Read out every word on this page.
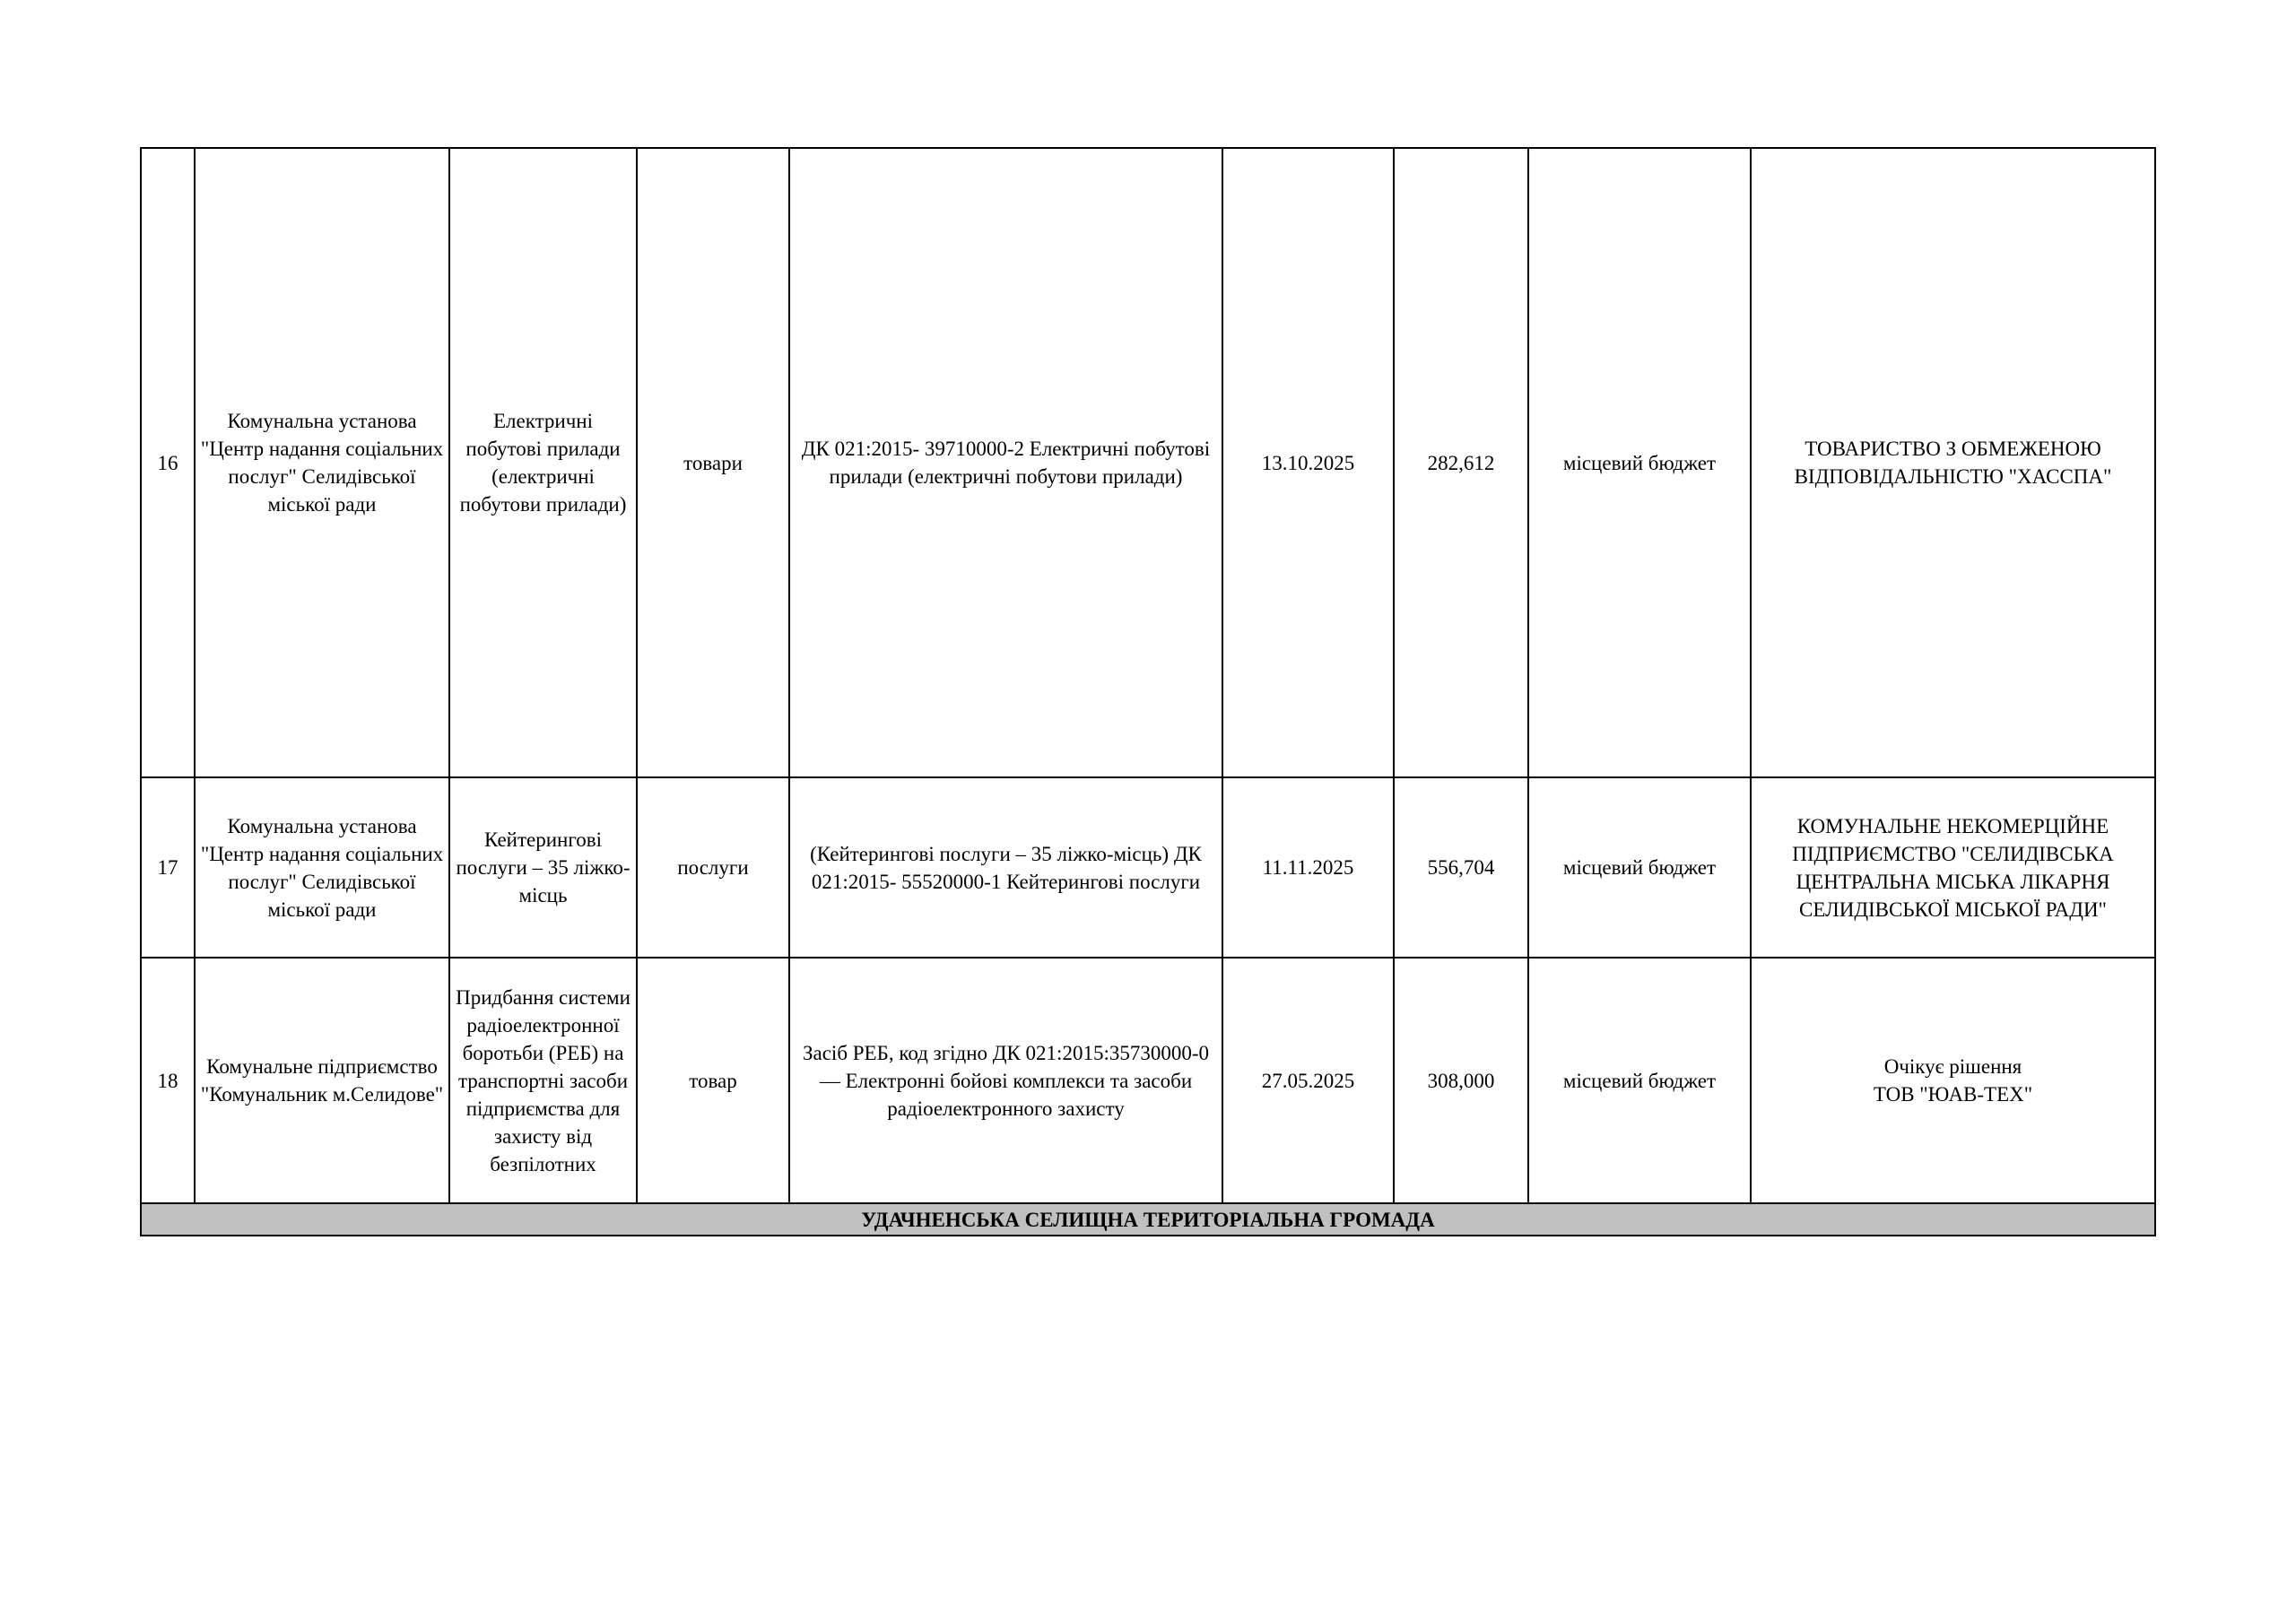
16	Комунальна установа "Центр надання соціальних послуг" Селидівської міської ради	Електричні побутові прилади (електричні побутови прилади)	товари	ДК 021:2015- 39710000-2 Електричні побутові прилади (електричні побутови прилади)	13.10.2025	282,612	місцевий бюджет	ТОВАРИСТВО З ОБМЕЖЕНОЮ ВІДПОВІДАЛЬНІСТЮ "ХАССПА"

17	Комунальна установа "Центр надання соціальних послуг" Селидівської міської ради	Кейтерингові послуги – 35 ліжко-місць	послуги	(Кейтерингові послуги – 35 ліжко-місць) ДК 021:2015- 55520000-1 Кейтерингові послуги	11.11.2025	556,704	місцевий бюджет	КОМУНАЛЬНЕ НЕКОМЕРЦІЙНЕ ПІДПРИЄМСТВО "СЕЛИДІВСЬКА ЦЕНТРАЛЬНА МІСЬКА ЛІКАРНЯ СЕЛИДІВСЬКОЇ МІСЬКОЇ РАДИ"

18	Комунальне підприємство "Комунальник м.Селидове"	Придбання системи радіоелектронної боротьби (РЕБ) на транспортні засоби підприємства для захисту від безпілотних	товар	Засіб РЕБ, код згідно ДК 021:2015:35730000-0 — Електронні бойові комплекси та засоби радіоелектронного захисту	27.05.2025	308,000	місцевий бюджет	Очікує рішення
ТОВ "ЮАВ-ТЕХ"

УДАЧНЕНСЬКА СЕЛИЩНА ТЕРИТОРІАЛЬНА ГРОМАДА								
